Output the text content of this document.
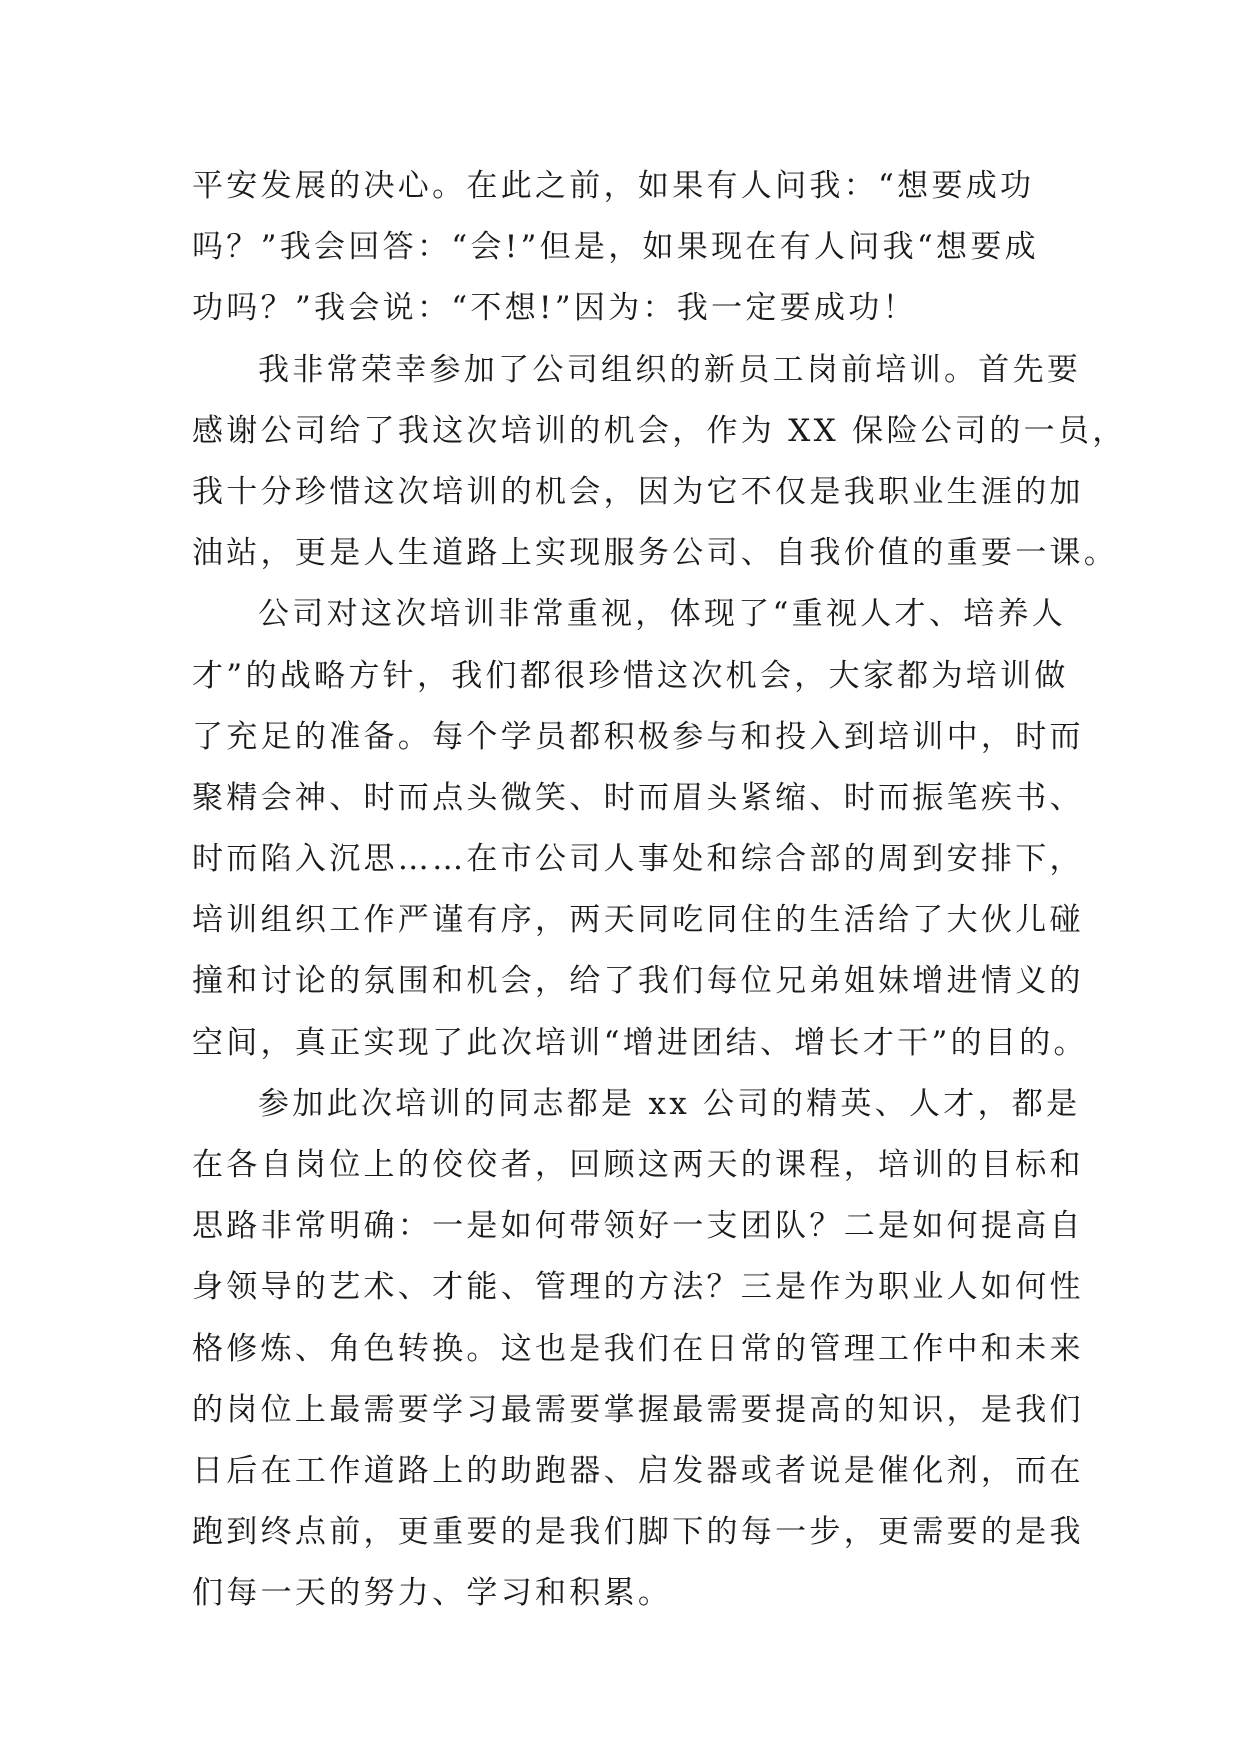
平安发展的决心。在此之前，如果有人问我：“想要成功
吗？”我会回答：“会!”但是，如果现在有人问我“想要成
功吗？”我会说：“不想!”因为：我一定要成功！
我非常荣幸参加了公司组织的新员工岗前培训。首先要
感谢公司给了我这次培训的机会，作为 XX 保险公司的一员，
我十分珍惜这次培训的机会，因为它不仅是我职业生涯的加
油站，更是人生道路上实现服务公司、自我价值的重要一课。
公司对这次培训非常重视，体现了“重视人才、培养人
才”的战略方针，我们都很珍惜这次机会，大家都为培训做
了充足的准备。每个学员都积极参与和投入到培训中，时而
聚精会神、时而点头微笑、时而眉头紧缩、时而振笔疾书、
时而陷入沉思……在市公司人事处和综合部的周到安排下，
培训组织工作严谨有序，两天同吃同住的生活给了大伙儿碰
撞和讨论的氛围和机会，给了我们每位兄弟姐妹增进情义的
空间，真正实现了此次培训“增进团结、增长才干”的目的。
参加此次培训的同志都是 xx 公司的精英、人才，都是
在各自岗位上的佼佼者，回顾这两天的课程，培训的目标和
思路非常明确：一是如何带领好一支团队？二是如何提高自
身领导的艺术、才能、管理的方法？三是作为职业人如何性
格修炼、角色转换。这也是我们在日常的管理工作中和未来
的岗位上最需要学习最需要掌握最需要提高的知识，是我们
日后在工作道路上的助跑器、启发器或者说是催化剂，而在
跑到终点前，更重要的是我们脚下的每一步，更需要的是我
们每一天的努力、学习和积累。
